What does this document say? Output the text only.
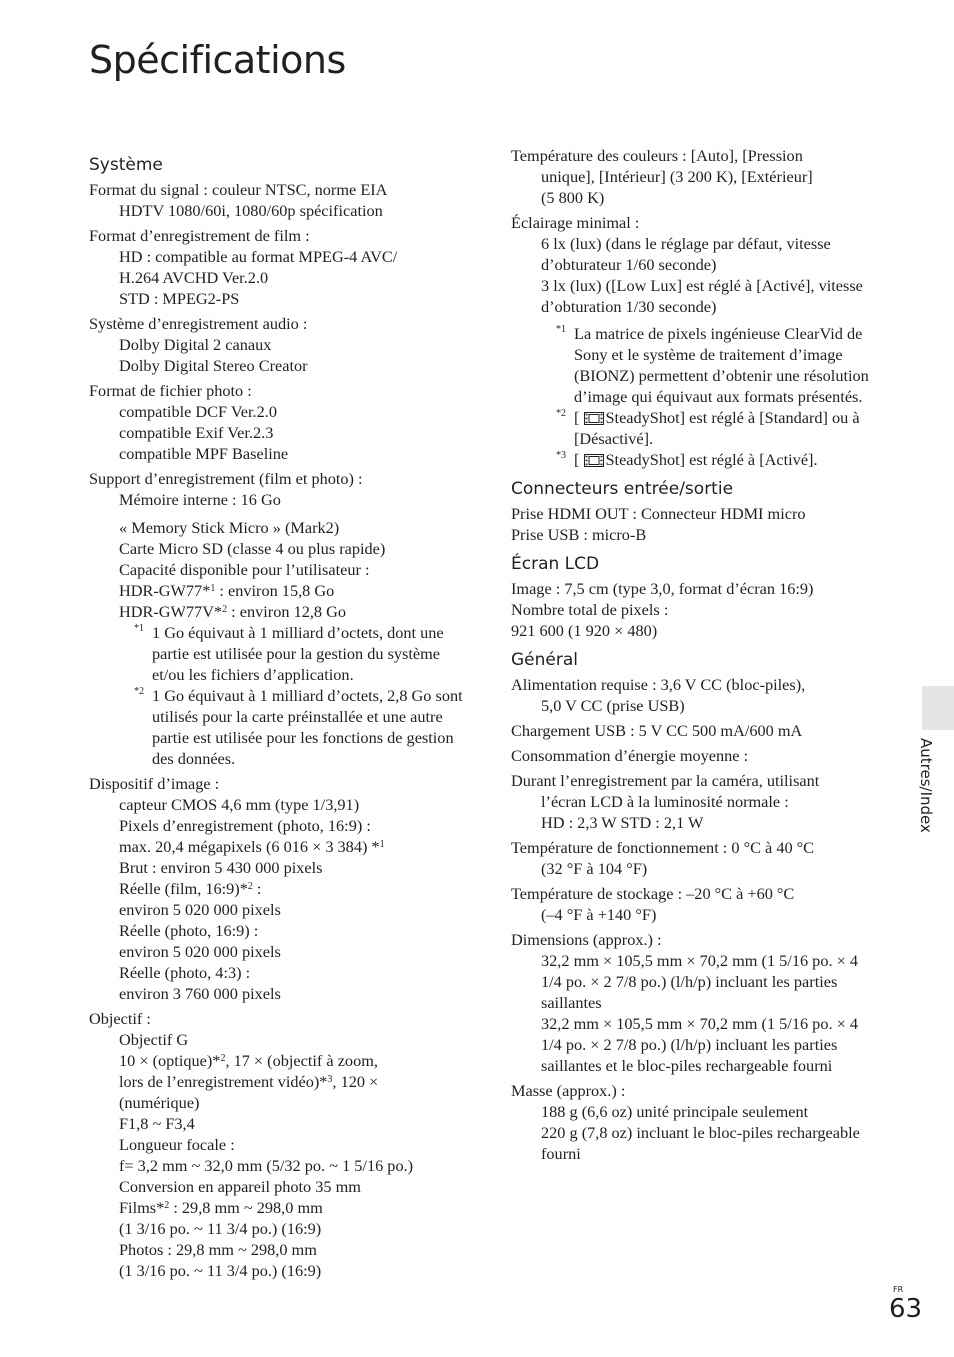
Spécifications
Système
Format du signal : couleur NTSC, norme EIA
HDTV 1080/60i, 1080/60p spécification
Format d’enregistrement de film :
HD : compatible au format MPEG-4 AVC/
H.264 AVCHD Ver.2.0
STD : MPEG2-PS
Système d’enregistrement audio :
Dolby Digital 2 canaux
Dolby Digital Stereo Creator
Format de fichier photo :
compatible DCF Ver.2.0
compatible Exif Ver.2.3
compatible MPF Baseline
Support d’enregistrement (film et photo) :
Mémoire interne : 16 Go
« Memory Stick Micro » (Mark2)
Carte Micro SD (classe 4 ou plus rapide)
Capacité disponible pour l’utilisateur :
HDR-GW77*$^1$ : environ 15,8 Go
HDR-GW77V*$^2$ : environ 12,8 Go
*1 1 Go équivaut à 1 milliard d’octets, dont une partie est utilisée pour la gestion du système et/ou les fichiers d’application.
*2 1 Go équivaut à 1 milliard d’octets, 2,8 Go sont utilisés pour la carte préinstallée et une autre partie est utilisée pour les fonctions de gestion des données.
Dispositif d’image :
capteur CMOS 4,6 mm (type 1/3,91)
Pixels d’enregistrement (photo, 16:9) :
max. 20,4 mégapixels (6 016 × 3 384) *$^1$
Brut : environ 5 430 000 pixels
Réelle (film, 16:9)*$^2$ :
environ 5 020 000 pixels
Réelle (photo, 16:9) :
environ 5 020 000 pixels
Réelle (photo, 4:3) :
environ 3 760 000 pixels
Objectif :
Objectif G
10 × (optique)*$^2$, 17 × (objectif à zoom,
lors de l’enregistrement vidéo)*$^3$, 120 ×
(numérique)
F1,8 ~ F3,4
Longueur focale :
f= 3,2 mm ~ 32,0 mm (5/32 po. ~ 1 5/16 po.)
Conversion en appareil photo 35 mm
Films*$^2$ : 29,8 mm ~ 298,0 mm
(1 3/16 po. ~ 11 3/4 po.) (16:9)
Photos : 29,8 mm ~ 298,0 mm
(1 3/16 po. ~ 11 3/4 po.) (16:9)
Température des couleurs : [Auto], [Pression
unique], [Intérieur] (3 200 K), [Extérieur]
(5 800 K)
Éclairage minimal :
6 lx (lux) (dans le réglage par défaut, vitesse d’obturateur 1/60 seconde)
3 lx (lux) ([Low Lux] est réglé à [Activé], vitesse d’obturation 1/30 seconde)
*1 La matrice de pixels ingénieuse ClearVid de Sony et le système de traitement d’image (BIONZ) permettent d’obtenir une résolution d’image qui équivaut aux formats présentés.
*2 [ SteadyShot] est réglé à [Standard] ou à [Désactivé].
*3 [ SteadyShot] est réglé à [Activé].
Connecteurs entrée/sortie
Prise HDMI OUT : Connecteur HDMI micro
Prise USB : micro-B
Écran LCD
Image : 7,5 cm (type 3,0, format d’écran 16:9)
Nombre total de pixels :
921 600 (1 920 × 480)
Général
Alimentation requise : 3,6 V CC (bloc-piles),
5,0 V CC (prise USB)
Chargement USB : 5 V CC 500 mA/600 mA
Consommation d’énergie moyenne :
Durant l’enregistrement par la caméra, utilisant
l’écran LCD à la luminosité normale :
HD : 2,3 W STD : 2,1 W
Température de fonctionnement : 0 °C à 40 °C
(32 °F à 104 °F)
Température de stockage : –20 °C à +60 °C
(–4 °F à +140 °F)
Dimensions (approx.) :
32,2 mm × 105,5 mm × 70,2 mm (1 5/16 po. × 4 1/4 po. × 2 7/8 po.) (l/h/p) incluant les parties saillantes
32,2 mm × 105,5 mm × 70,2 mm (1 5/16 po. × 4 1/4 po. × 2 7/8 po.) (l/h/p) incluant les parties saillantes et le bloc-piles rechargeable fourni
Masse (approx.) :
188 g (6,6 oz) unité principale seulement
220 g (7,8 oz) incluant le bloc-piles rechargeable fourni
Autres/Index
FR
63
